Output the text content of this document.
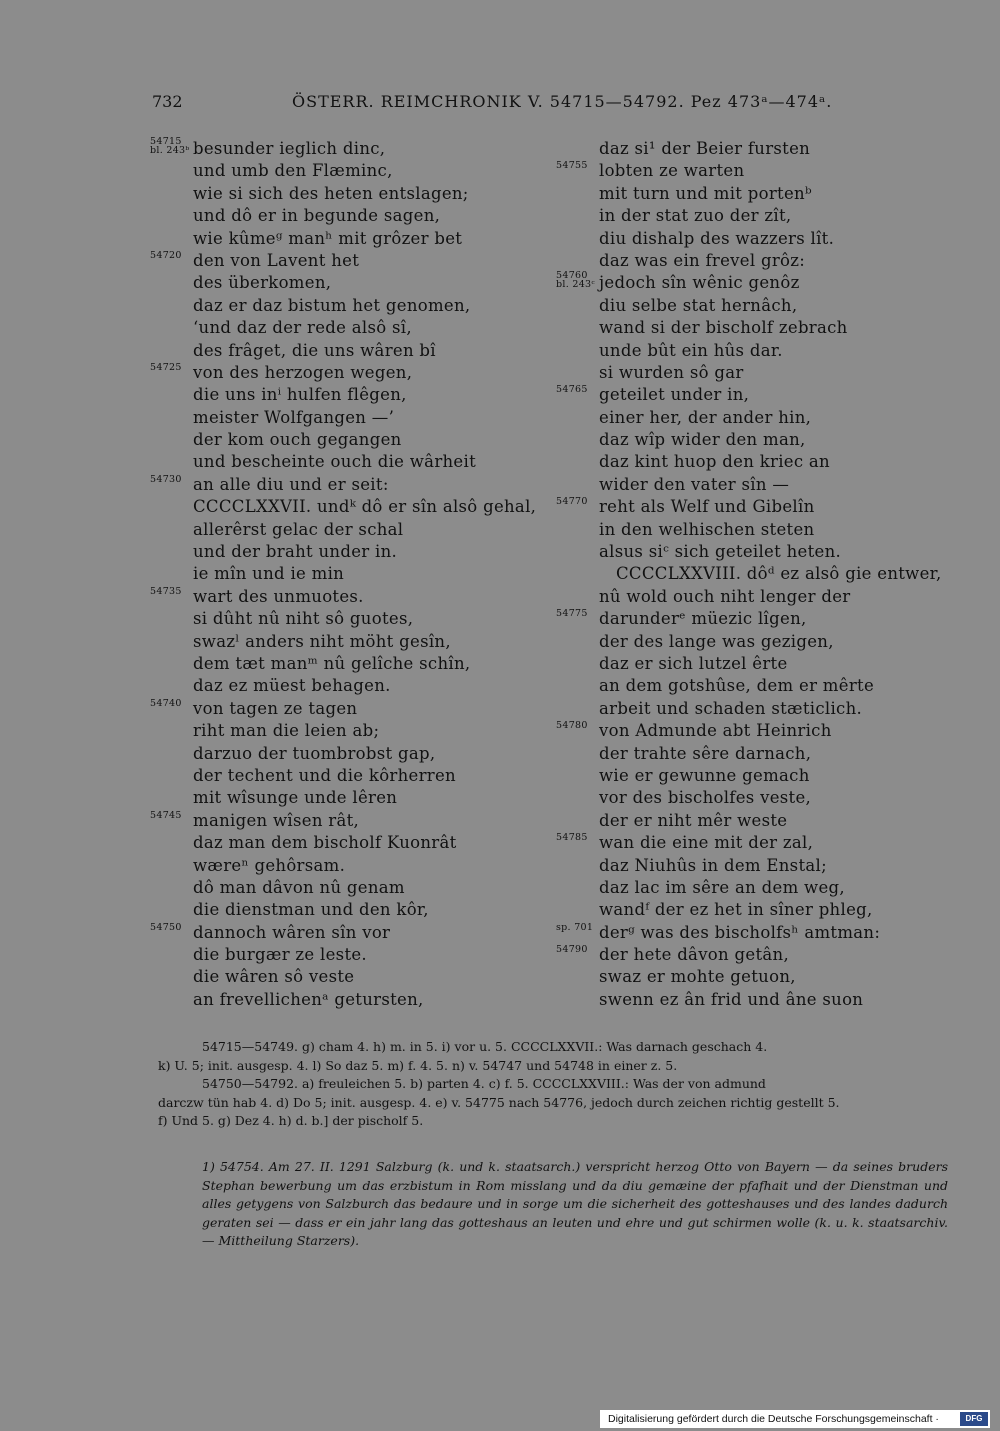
732	ÖSTERR. REIMCHRONIK V. 54715—54792. Pez 473ᵃ—474ᵃ.
54715
bl. 243ᵇ besunder ieglich dinc,
und umb den Flæminc,
wie si sich des heten entslagen;
und dô er in begunde sagen,
wie kûmeᵍ manʰ mit grôzer bet
54720 den von Lavent het
des überkomen,
daz er daz bistum het genomen,
‘und daz der rede alsô sî,
des frâget, die uns wâren bî
54725 von des herzogen wegen,
die uns inⁱ hulfen flêgen,
meister Wolfgangen —’
der kom ouch gegangen
und bescheinte ouch die wârheit
54730 an alle diu und er seit:
CCCCLXXVII. undᵏ dô er sîn alsô gehal,
allerêrst gelac der schal
und der braht under in.
ie mîn und ie min
54735 wart des unmuotes.
si dûht nû niht sô guotes,
swazˡ anders niht möht gesîn,
dem tæt manᵐ nû gelîche schîn,
daz ez müest behagen.
54740 von tagen ze tagen
riht man die leien ab;
darzuo der tuombrobst gap,
der techent und die kôrherren
mit wîsunge unde lêren
54745 manigen wîsen rât,
daz man dem bischolf Kuonrât
wæreⁿ gehôrsam.
dô man dâvon nû genam
die dienstman und den kôr,
54750 dannoch wâren sîn vor
die burgær ze leste.
die wâren sô veste
an frevellichenᵃ getursten,
daz si¹ der Beier fursten
54755 lobten ze warten
mit turn und mit portenᵇ
in der stat zuo der zît,
diu dishalp des wazzers lît.
daz was ein frevel grôz:
54760
bl. 243ᶜ jedoch sîn wênic genôz
diu selbe stat hernâch,
wand si der bischolf zebrach
unde bût ein hûs dar.
si wurden sô gar
54765 geteilet under in,
einer her, der ander hin,
daz wîp wider den man,
daz kint huop den kriec an
wider den vater sîn —
54770 reht als Welf und Gibelîn
in den welhischen steten
alsus siᶜ sich geteilet heten.
CCCCLXXVIII. dôᵈ ez alsô gie entwer,
nû wold ouch niht lenger der
54775 darunderᵉ müezic lîgen,
der des lange was gezigen,
daz er sich lutzel êrte
an dem gotshûse, dem er mêrte
arbeit und schaden stæticlich.
54780 von Admunde abt Heinrich
der trahte sêre darnach,
wie er gewunne gemach
vor des bischolfes veste,
der er niht mêr weste
54785 wan die eine mit der zal,
daz Niuhûs in dem Enstal;
daz lac im sêre an dem weg,
wandᶠ der ez het in sîner phleg,
sp. 701 derᵍ was des bischolfsʰ amtman:
54790 der hete dâvon getân,
swaz er mohte getuon,
swenn ez ân frid und âne suon

54715—54749. g) cham 4. h) m. in 5. i) vor u. 5. CCCCLXXVII.: Was darnach geschach 4.

k) U. 5; init. ausgesp. 4. l) So daz 5. m) f. 4. 5. n) v. 54747 und 54748 in einer z. 5.

54750—54792. a) freuleichen 5. b) parten 4. c) f. 5. CCCCLXXVIII.: Was der von admund

darczw tün hab 4. d) Do 5; init. ausgesp. 4. e) v. 54775 nach 54776, jedoch durch zeichen richtig gestellt 5.

f) Und 5. g) Dez 4. h) d. b.] der pischolf 5.

1) 54754. Am 27. II. 1291 Salzburg (k. und k. staatsarch.) verspricht herzog Otto von Bayern — da seines bruders Stephan bewerbung um das erzbistum in Rom misslang und da diu gemæine der pfafhait und der Dienstman und alles getygens von Salzburch das bedaure und in sorge um die sicherheit des gotteshauses und des landes dadurch geraten sei — dass er ein jahr lang das gotteshaus an leuten und ehre und gut schirmen wolle (k. u. k. staatsarchiv. — Mittheilung Starzers).

Digitalisierung gefördert durch die Deutsche Forschungsgemeinschaft ·	DFG
